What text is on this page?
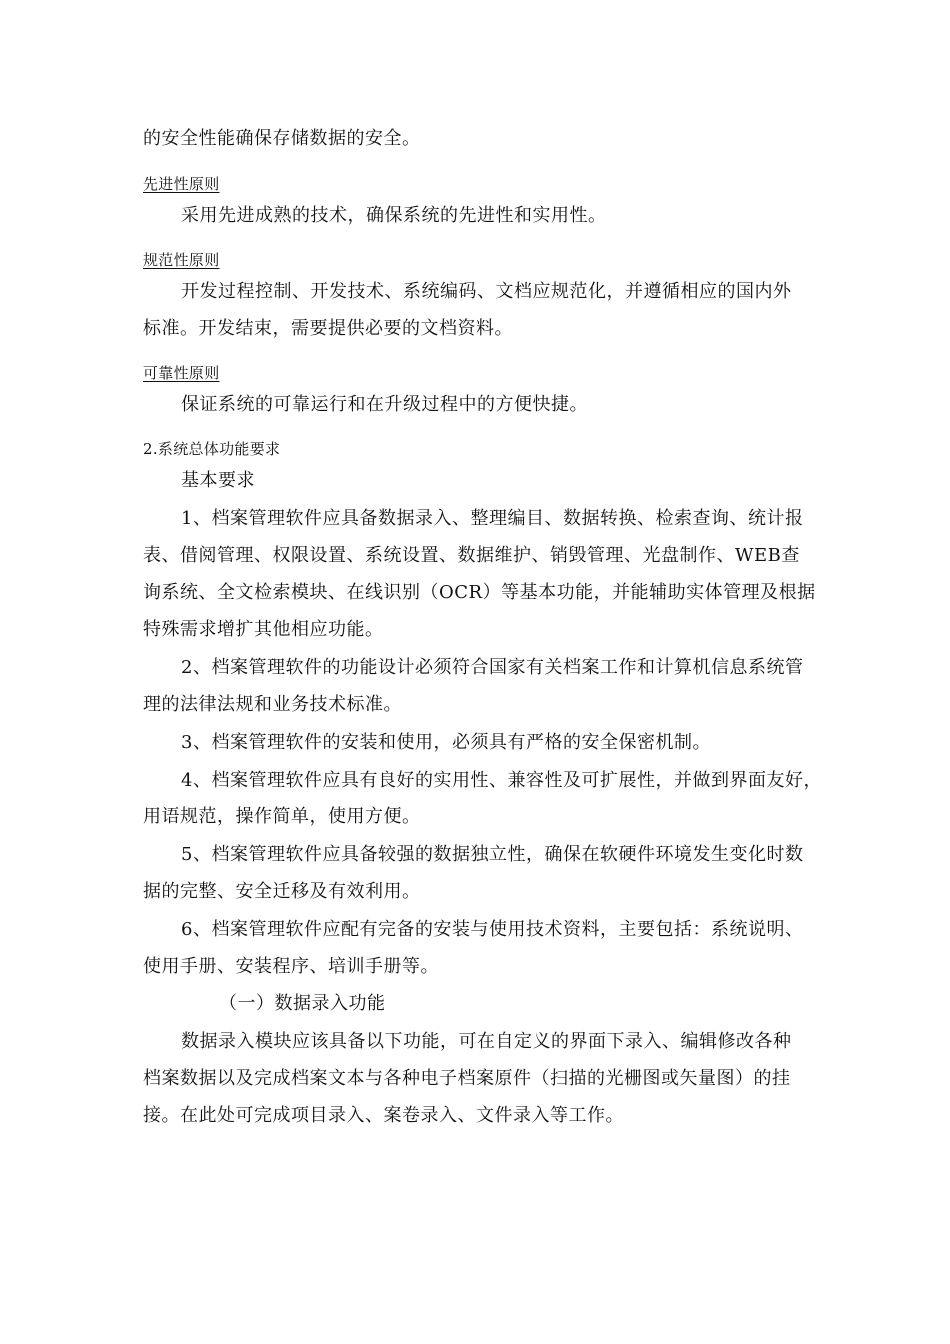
的安全性能确保存储数据的安全。
先进性原则
采用先进成熟的技术，确保系统的先进性和实用性。
规范性原则
开发过程控制、开发技术、系统编码、文档应规范化，并遵循相应的国内外
标准。开发结束，需要提供必要的文档资料。
可靠性原则
保证系统的可靠运行和在升级过程中的方便快捷。
2.系统总体功能要求
基本要求
1、档案管理软件应具备数据录入、整理编目、数据转换、检索查询、统计报
表、借阅管理、权限设置、系统设置、数据维护、销毁管理、光盘制作、WEB查
询系统、全文检索模块、在线识别（OCR）等基本功能，并能辅助实体管理及根据
特殊需求增扩其他相应功能。
2、档案管理软件的功能设计必须符合国家有关档案工作和计算机信息系统管
理的法律法规和业务技术标准。
3、档案管理软件的安装和使用，必须具有严格的安全保密机制。
4、档案管理软件应具有良好的实用性、兼容性及可扩展性，并做到界面友好，
用语规范，操作简单，使用方便。
5、档案管理软件应具备较强的数据独立性，确保在软硬件环境发生变化时数
据的完整、安全迁移及有效利用。
6、档案管理软件应配有完备的安装与使用技术资料，主要包括：系统说明、
使用手册、安装程序、培训手册等。
（一）数据录入功能
数据录入模块应该具备以下功能，可在自定义的界面下录入、编辑修改各种
档案数据以及完成档案文本与各种电子档案原件（扫描的光栅图或矢量图）的挂
接。在此处可完成项目录入、案卷录入、文件录入等工作。
